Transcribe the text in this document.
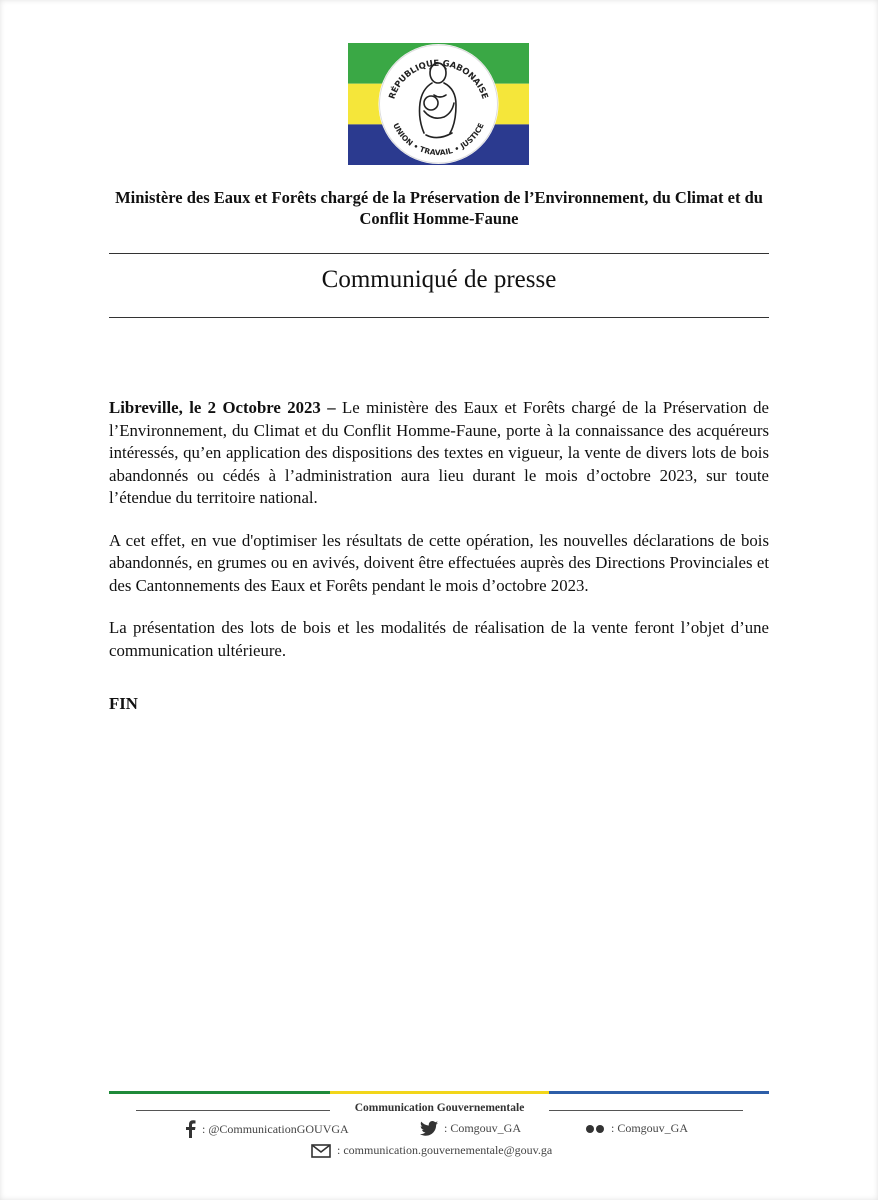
RÉPUBLIQUE GABONAISE
UNION • TRAVAIL • JUSTICE
Ministère des Eaux et Forêts chargé de la Préservation de l’Environnement, du Climat et du Conflit Homme-Faune
Communiqué de presse

Libreville, le 2 Octobre 2023 – Le ministère des Eaux et Forêts chargé de la Préservation de l’Environnement, du Climat et du Conflit Homme-Faune, porte à la connaissance des acquéreurs intéressés, qu’en application des dispositions des textes en vigueur, la vente de divers lots de bois abandonnés ou cédés à l’administration aura lieu durant le mois d’octobre 2023, sur toute l’étendue du territoire national.

A cet effet, en vue d'optimiser les résultats de cette opération, les nouvelles déclarations de bois abandonnés, en grumes ou en avivés, doivent être effectuées auprès des Directions Provinciales et des Cantonnements des Eaux et Forêts pendant le mois d’octobre 2023.

La présentation des lots de bois et les modalités de réalisation de la vente feront l’objet d’une communication ultérieure.

FIN
Communication Gouvernementale
: @CommunicationGOUVGA	: Comgouv_GA	: Comgouv_GA
: communication.gouvernementale@gouv.ga
